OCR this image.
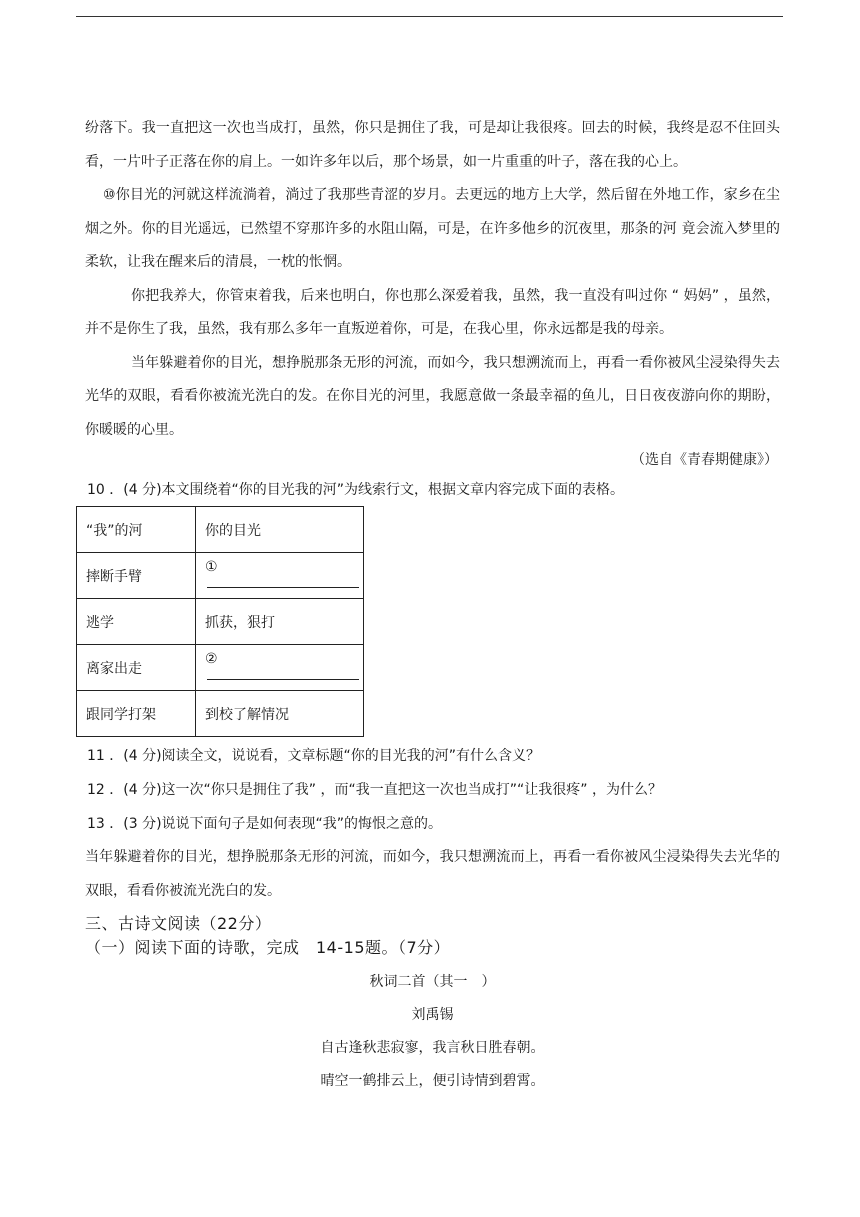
纷落下。我一直把这一次也当成打，虽然，你只是拥住了我，可是却让我很疼。回去的时候，我终是忍不住回头看，一片叶子正落在你的肩上。一如许多年以后，那个场景，如一片重重的叶子，落在我的心上。

⑩你目光的河就这样流淌着，淌过了我那些青涩的岁月。去更远的地方上大学，然后留在外地工作，家乡在尘烟之外。你的目光遥远，已然望不穿那许多的水阻山隔，可是，在许多他乡的沉夜里，那条的河 竟会流入梦里的柔软，让我在醒来后的清晨，一枕的怅惘。

你把我养大，你管束着我，后来也明白，你也那么深爱着我，虽然，我一直没有叫过你 “ 妈妈” ，虽然，并不是你生了我，虽然，我有那么多年一直叛逆着你，可是，在我心里，你永远都是我的母亲。

当年躲避着你的目光，想挣脱那条无形的河流，而如今，我只想溯流而上，再看一看你被风尘浸染得失去光华的双眼，看看你被流光洗白的发。在你目光的河里，我愿意做一条最幸福的鱼儿，日日夜夜游向你的期盼，你暖暖的心里。

（选自《青春期健康》）

10 ．(4 分)本文围绕着“你的目光我的河”为线索行文，根据文章内容完成下面的表格。

“我”的河	你的目光
摔断手臂	①
逃学	抓获，狠打
离家出走	②
跟同学打架	到校了解情况

11 ．(4 分)阅读全文，说说看，文章标题“你的目光我的河”有什么含义？

12 ．(4 分)这一次“你只是拥住了我” ，而“我一直把这一次也当成打”“让我很疼” ，为什么？

13 ．(3 分)说说下面句子是如何表现“我”的悔恨之意的。

当年躲避着你的目光，想挣脱那条无形的河流，而如今，我只想溯流而上，再看一看你被风尘浸染得失去光华的双眼，看看你被流光洗白的发。

三、古诗文阅读（22分）

（一）阅读下面的诗歌，完成　14-15题。（7分）

秋词二首（其一　）

刘禹锡

自古逢秋悲寂寥，我言秋日胜春朝。

晴空一鹤排云上，便引诗情到碧霄。
